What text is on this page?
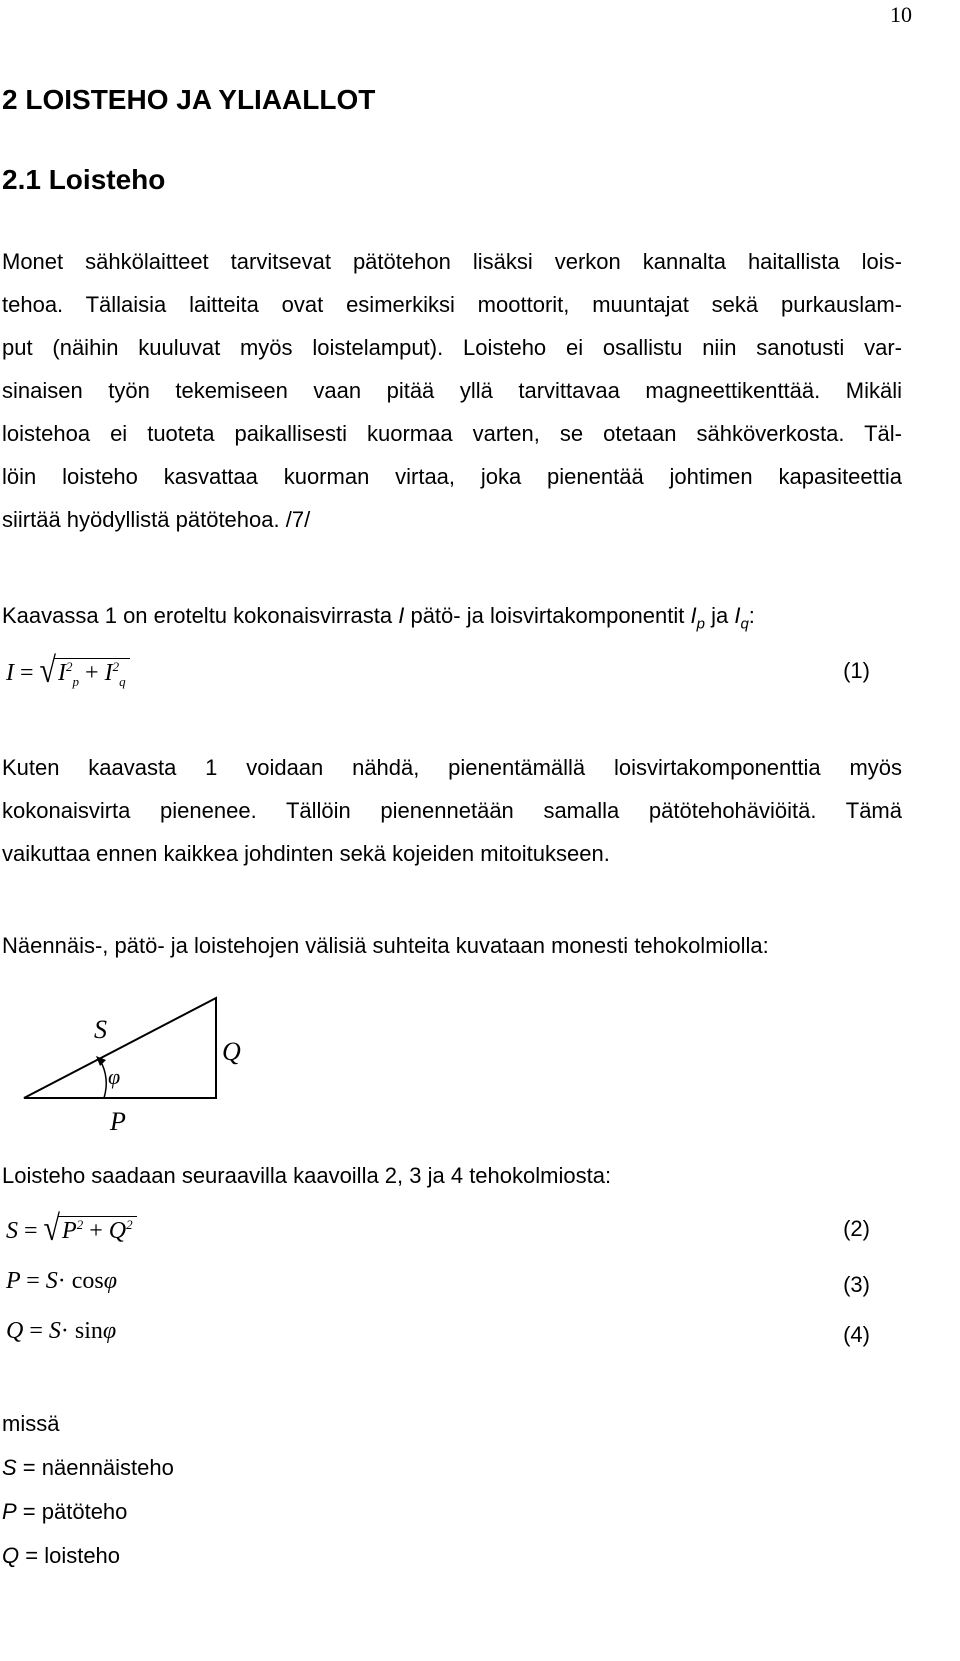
10
2 LOISTEHO JA YLIAALLOT
2.1 Loisteho

Monet sähkölaitteet tarvitsevat pätötehon lisäksi verkon kannalta haitallista lois-
tehoa. Tällaisia laitteita ovat esimerkiksi moottorit, muuntajat sekä purkauslam-
put (näihin kuuluvat myös loistelamput). Loisteho ei osallistu niin sanotusti var-
sinaisen työn tekemiseen vaan pitää yllä tarvittavaa magneettikenttää. Mikäli
loistehoa ei tuoteta paikallisesti kuormaa varten, se otetaan sähköverkosta. Täl-
löin loisteho kasvattaa kuorman virtaa, joka pienentää johtimen kapasiteettia
siirtää hyödyllistä pätötehoa. /7/

Kaavassa 1 on eroteltu kokonaisvirrasta I pätö- ja loisvirtakomponentit $I_p$ ja $I_q$:

$I = √I^2_p + I^2_q$	(1)

Kuten kaavasta 1 voidaan nähdä, pienentämällä loisvirtakomponenttia myös
kokonaisvirta pienenee. Tällöin pienennetään samalla pätötehohäviöitä. Tämä
vaikuttaa ennen kaikkea johdinten sekä kojeiden mitoitukseen.

Näennäis-, pätö- ja loistehojen välisiä suhteita kuvataan monesti tehokolmiolla:

S
Q
φ
P

Loisteho saadaan seuraavilla kaavoilla 2, 3 ja 4 tehokolmiosta:

$S = √P^2 + Q^2$	(2)
P = S· cosφ	(3)
Q = S· sinφ	(4)
missä
S = näennäisteho
P = pätöteho
Q = loisteho
